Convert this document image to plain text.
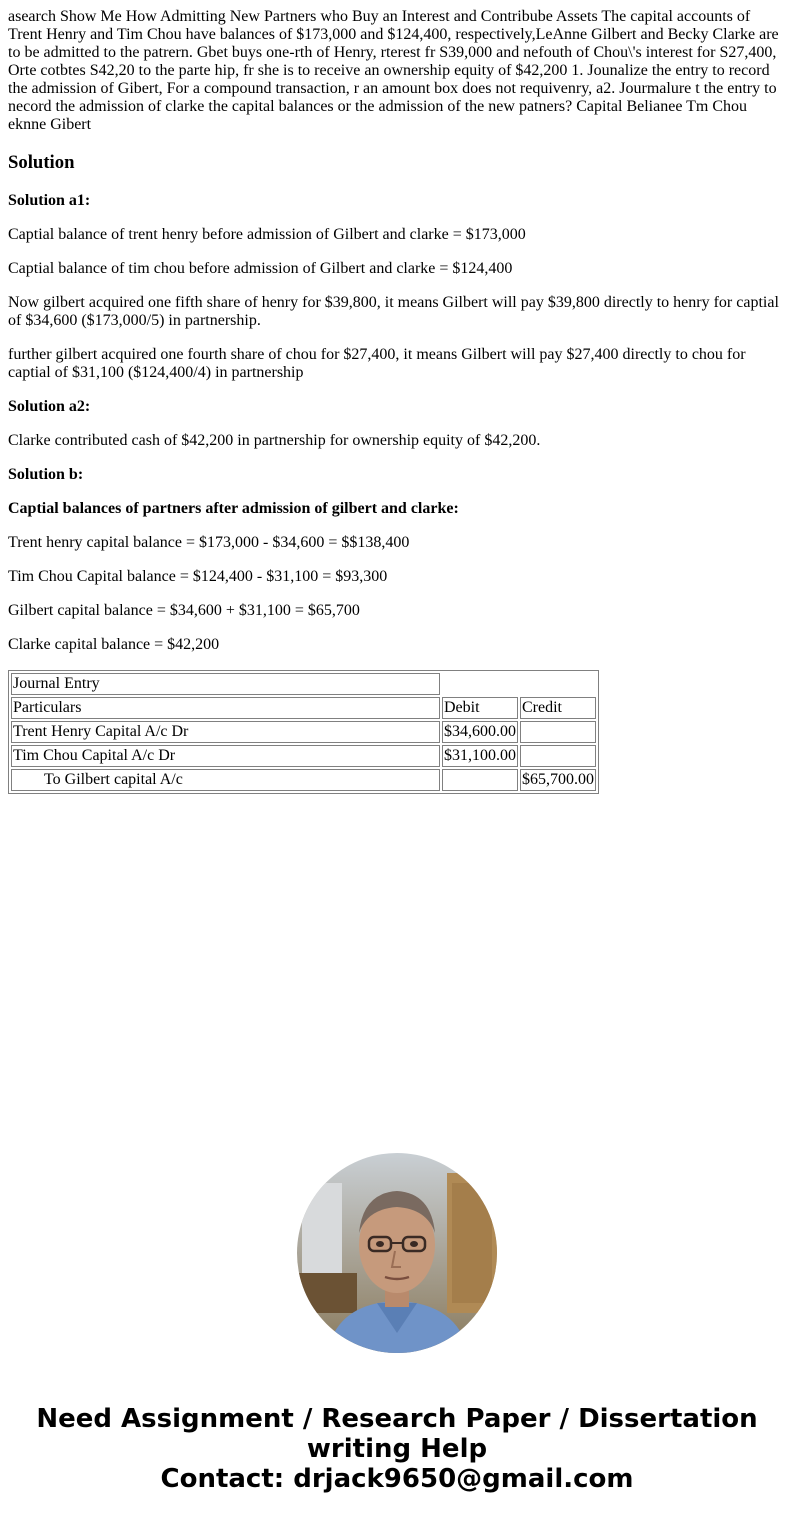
asearch Show Me How Admitting New Partners who Buy an Interest and Contribube Assets The capital accounts of Trent Henry and Tim Chou have balances of $173,000 and $124,400, respectively,LeAnne Gilbert and Becky Clarke are to be admitted to the patrern. Gbet buys one-rth of Henry, rterest fr S39,000 and nefouth of Chou\'s interest for S27,400, Orte cotbtes S42,20 to the parte hip, fr she is to receive an ownership equity of $42,200 1. Jounalize the entry to record the admission of Gibert, For a compound transaction, r an amount box does not requivenry, a2. Jourmalure t the entry to necord the admission of clarke the capital balances or the admission of the new patners? Capital Belianee Tm Chou eknne Gibert
Solution

Solution a1:

Captial balance of trent henry before admission of Gilbert and clarke = $173,000

Captial balance of tim chou before admission of Gilbert and clarke = $124,400

Now gilbert acquired one fifth share of henry for $39,800, it means Gilbert will pay $39,800 directly to henry for captial of $34,600 ($173,000/5) in partnership.

further gilbert acquired one fourth share of chou for $27,400, it means Gilbert will pay $27,400 directly to chou for captial of $31,100 ($124,400/4) in partnership

Solution a2:

Clarke contributed cash of $42,200 in partnership for ownership equity of $42,200.

Solution b:

Captial balances of partners after admission of gilbert and clarke:

Trent henry capital balance = $173,000 - $34,600 = $$138,400

Tim Chou Capital balance = $124,400 - $31,100 = $93,300

Gilbert capital balance = $34,600 + $31,100 = $65,700

Clarke capital balance = $42,200

Journal Entry		
Particulars	Debit	Credit
Trent Henry Capital A/c Dr	$34,600.00	
Tim Chou Capital A/c Dr	$31,100.00	
To Gilbert capital A/c		$65,700.00
Need Assignment / Research Paper / Dissertation writing Help
Contact: drjack9650@gmail.com
